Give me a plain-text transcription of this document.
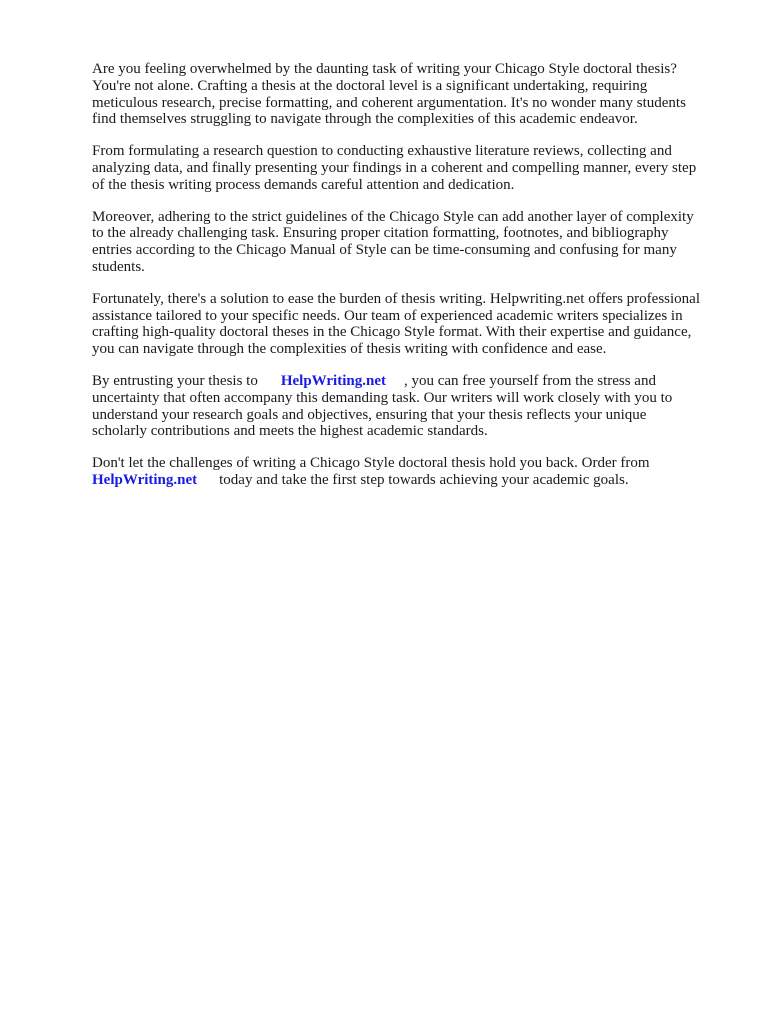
Are you feeling overwhelmed by the daunting task of writing your Chicago Style doctoral thesis?
You're not alone. Crafting a thesis at the doctoral level is a significant undertaking, requiring
meticulous research, precise formatting, and coherent argumentation. It's no wonder many students
find themselves struggling to navigate through the complexities of this academic endeavor.

From formulating a research question to conducting exhaustive literature reviews, collecting and
analyzing data, and finally presenting your findings in a coherent and compelling manner, every step
of the thesis writing process demands careful attention and dedication.

Moreover, adhering to the strict guidelines of the Chicago Style can add another layer of complexity
to the already challenging task. Ensuring proper citation formatting, footnotes, and bibliography
entries according to the Chicago Manual of Style can be time-consuming and confusing for many
students.

Fortunately, there's a solution to ease the burden of thesis writing. Helpwriting.net offers professional
assistance tailored to your specific needs. Our team of experienced academic writers specializes in
crafting high-quality doctoral theses in the Chicago Style format. With their expertise and guidance,
you can navigate through the complexities of thesis writing with confidence and ease.

By entrusting your thesis to HelpWriting.net , you can free yourself from the stress and
uncertainty that often accompany this demanding task. Our writers will work closely with you to
understand your research goals and objectives, ensuring that your thesis reflects your unique
scholarly contributions and meets the highest academic standards.

Don't let the challenges of writing a Chicago Style doctoral thesis hold you back. Order from
HelpWriting.net today and take the first step towards achieving your academic goals.
